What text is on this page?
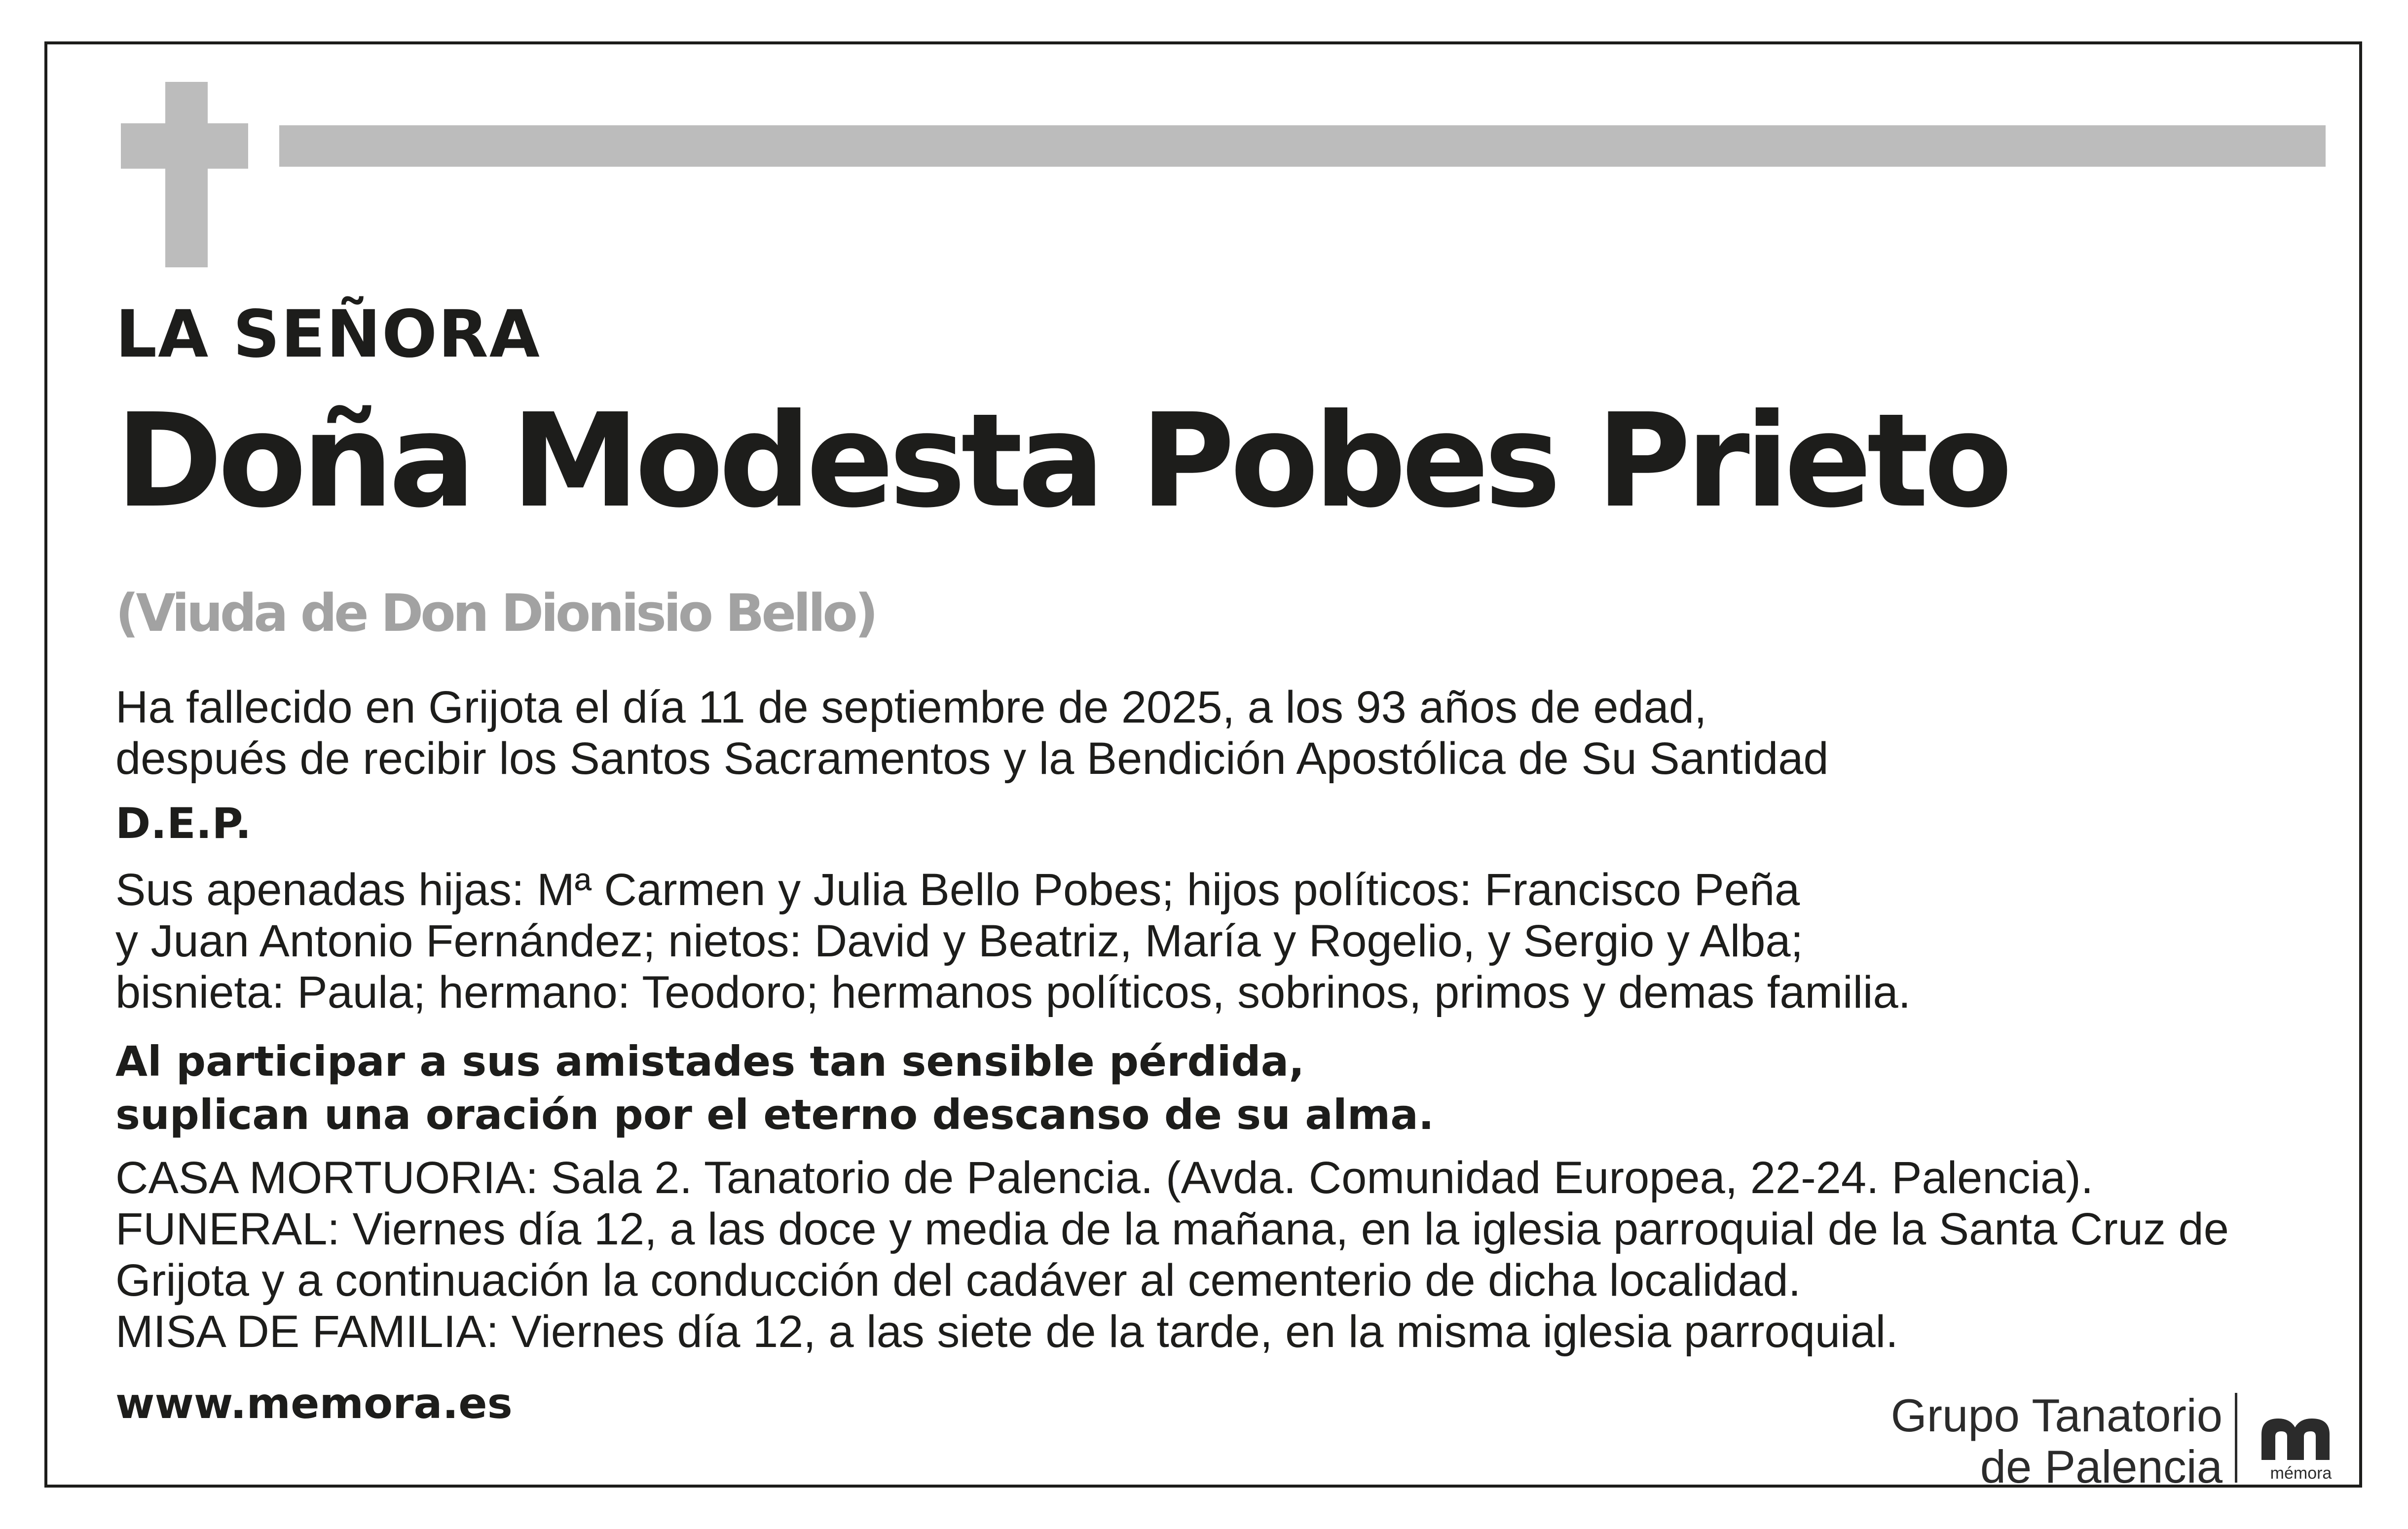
LA SEÑORA

Doña Modesta Pobes Prieto

(Viuda de Don Dionisio Bello)

Ha fallecido en Grijota el día 11 de septiembre de 2025, a los 93 años de edad,
después de recibir los Santos Sacramentos y la Bendición Apostólica de Su Santidad

D.E.P.

Sus apenadas hijas: Mª Carmen y Julia Bello Pobes; hijos políticos: Francisco Peña
y Juan Antonio Fernández; nietos: David y Beatriz, María y Rogelio, y Sergio y Alba;
bisnieta: Paula; hermano: Teodoro; hermanos políticos, sobrinos, primos y demas familia.
Al participar a sus amistades tan sensible pérdida,
suplican una oración por el eterno descanso de su alma.
CASA MORTUORIA: Sala 2. Tanatorio de Palencia. (Avda. Comunidad Europea, 22-24. Palencia).
FUNERAL: Viernes día 12, a las doce y media de la mañana, en la iglesia parroquial de la Santa Cruz de
Grijota y a continuación la conducción del cadáver al cementerio de dicha localidad.
MISA DE FAMILIA: Viernes día 12, a las siete de la tarde, en la misma iglesia parroquial.

www.memora.es	Grupo Tanatorio
de Palencia	mémora
